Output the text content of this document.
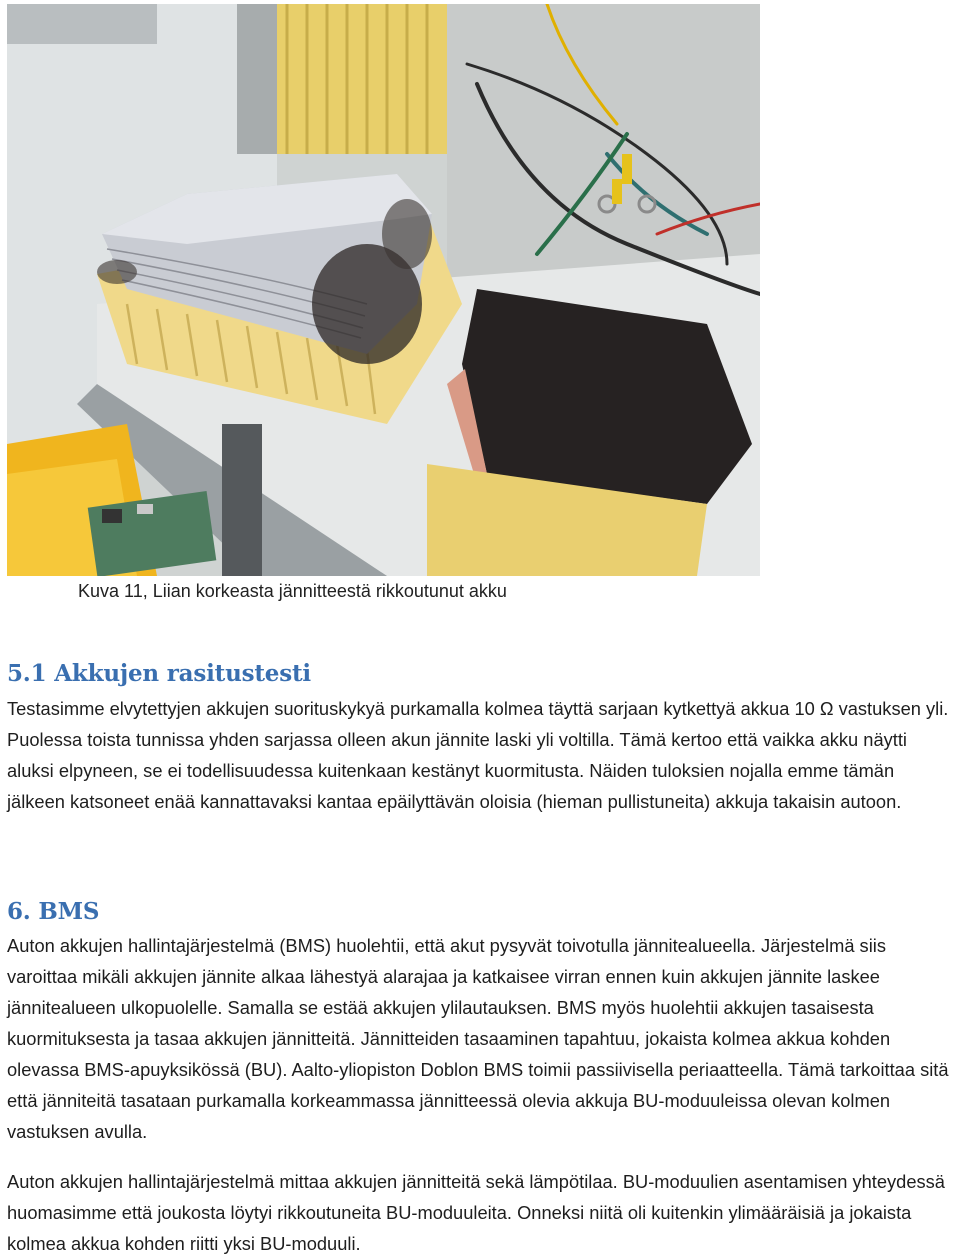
Kuva 11, Liian korkeasta jännitteestä rikkoutunut akku
5.1 Akkujen rasitustesti
Testasimme elvytettyjen akkujen suorituskykyä purkamalla kolmea täyttä sarjaan kytkettyä akkua 10 Ω vastuksen yli. Puolessa toista tunnissa yhden sarjassa olleen akun jännite laski yli voltilla. Tämä kertoo että vaikka akku näytti aluksi elpyneen, se ei todellisuudessa kuitenkaan kestänyt kuormitusta. Näiden tuloksien nojalla emme tämän jälkeen katsoneet enää kannattavaksi kantaa epäilyttävän oloisia (hieman pullistuneita) akkuja takaisin autoon.
6. BMS
Auton akkujen hallintajärjestelmä (BMS) huolehtii, että akut pysyvät toivotulla jännitealueella. Järjestelmä siis varoittaa mikäli akkujen jännite alkaa lähestyä alarajaa ja katkaisee virran ennen kuin akkujen jännite laskee jännitealueen ulkopuolelle. Samalla se estää akkujen ylilautauksen. BMS myös huolehtii akkujen tasaisesta kuormituksesta ja tasaa akkujen jännitteitä. Jännitteiden tasaaminen tapahtuu, jokaista kolmea akkua kohden olevassa BMS-apuyksikössä (BU). Aalto-yliopiston Doblon BMS toimii passiivisella periaatteella. Tämä tarkoittaa sitä että jänniteitä tasataan purkamalla korkeammassa jännitteessä olevia akkuja BU-moduuleissa olevan kolmen vastuksen avulla.
Auton akkujen hallintajärjestelmä mittaa akkujen jännitteitä sekä lämpötilaa. BU-moduulien asentamisen yhteydessä huomasimme että joukosta löytyi rikkoutuneita BU-moduuleita. Onneksi niitä oli kuitenkin ylimääräisiä ja jokaista kolmea akkua kohden riitti yksi BU-moduuli.
